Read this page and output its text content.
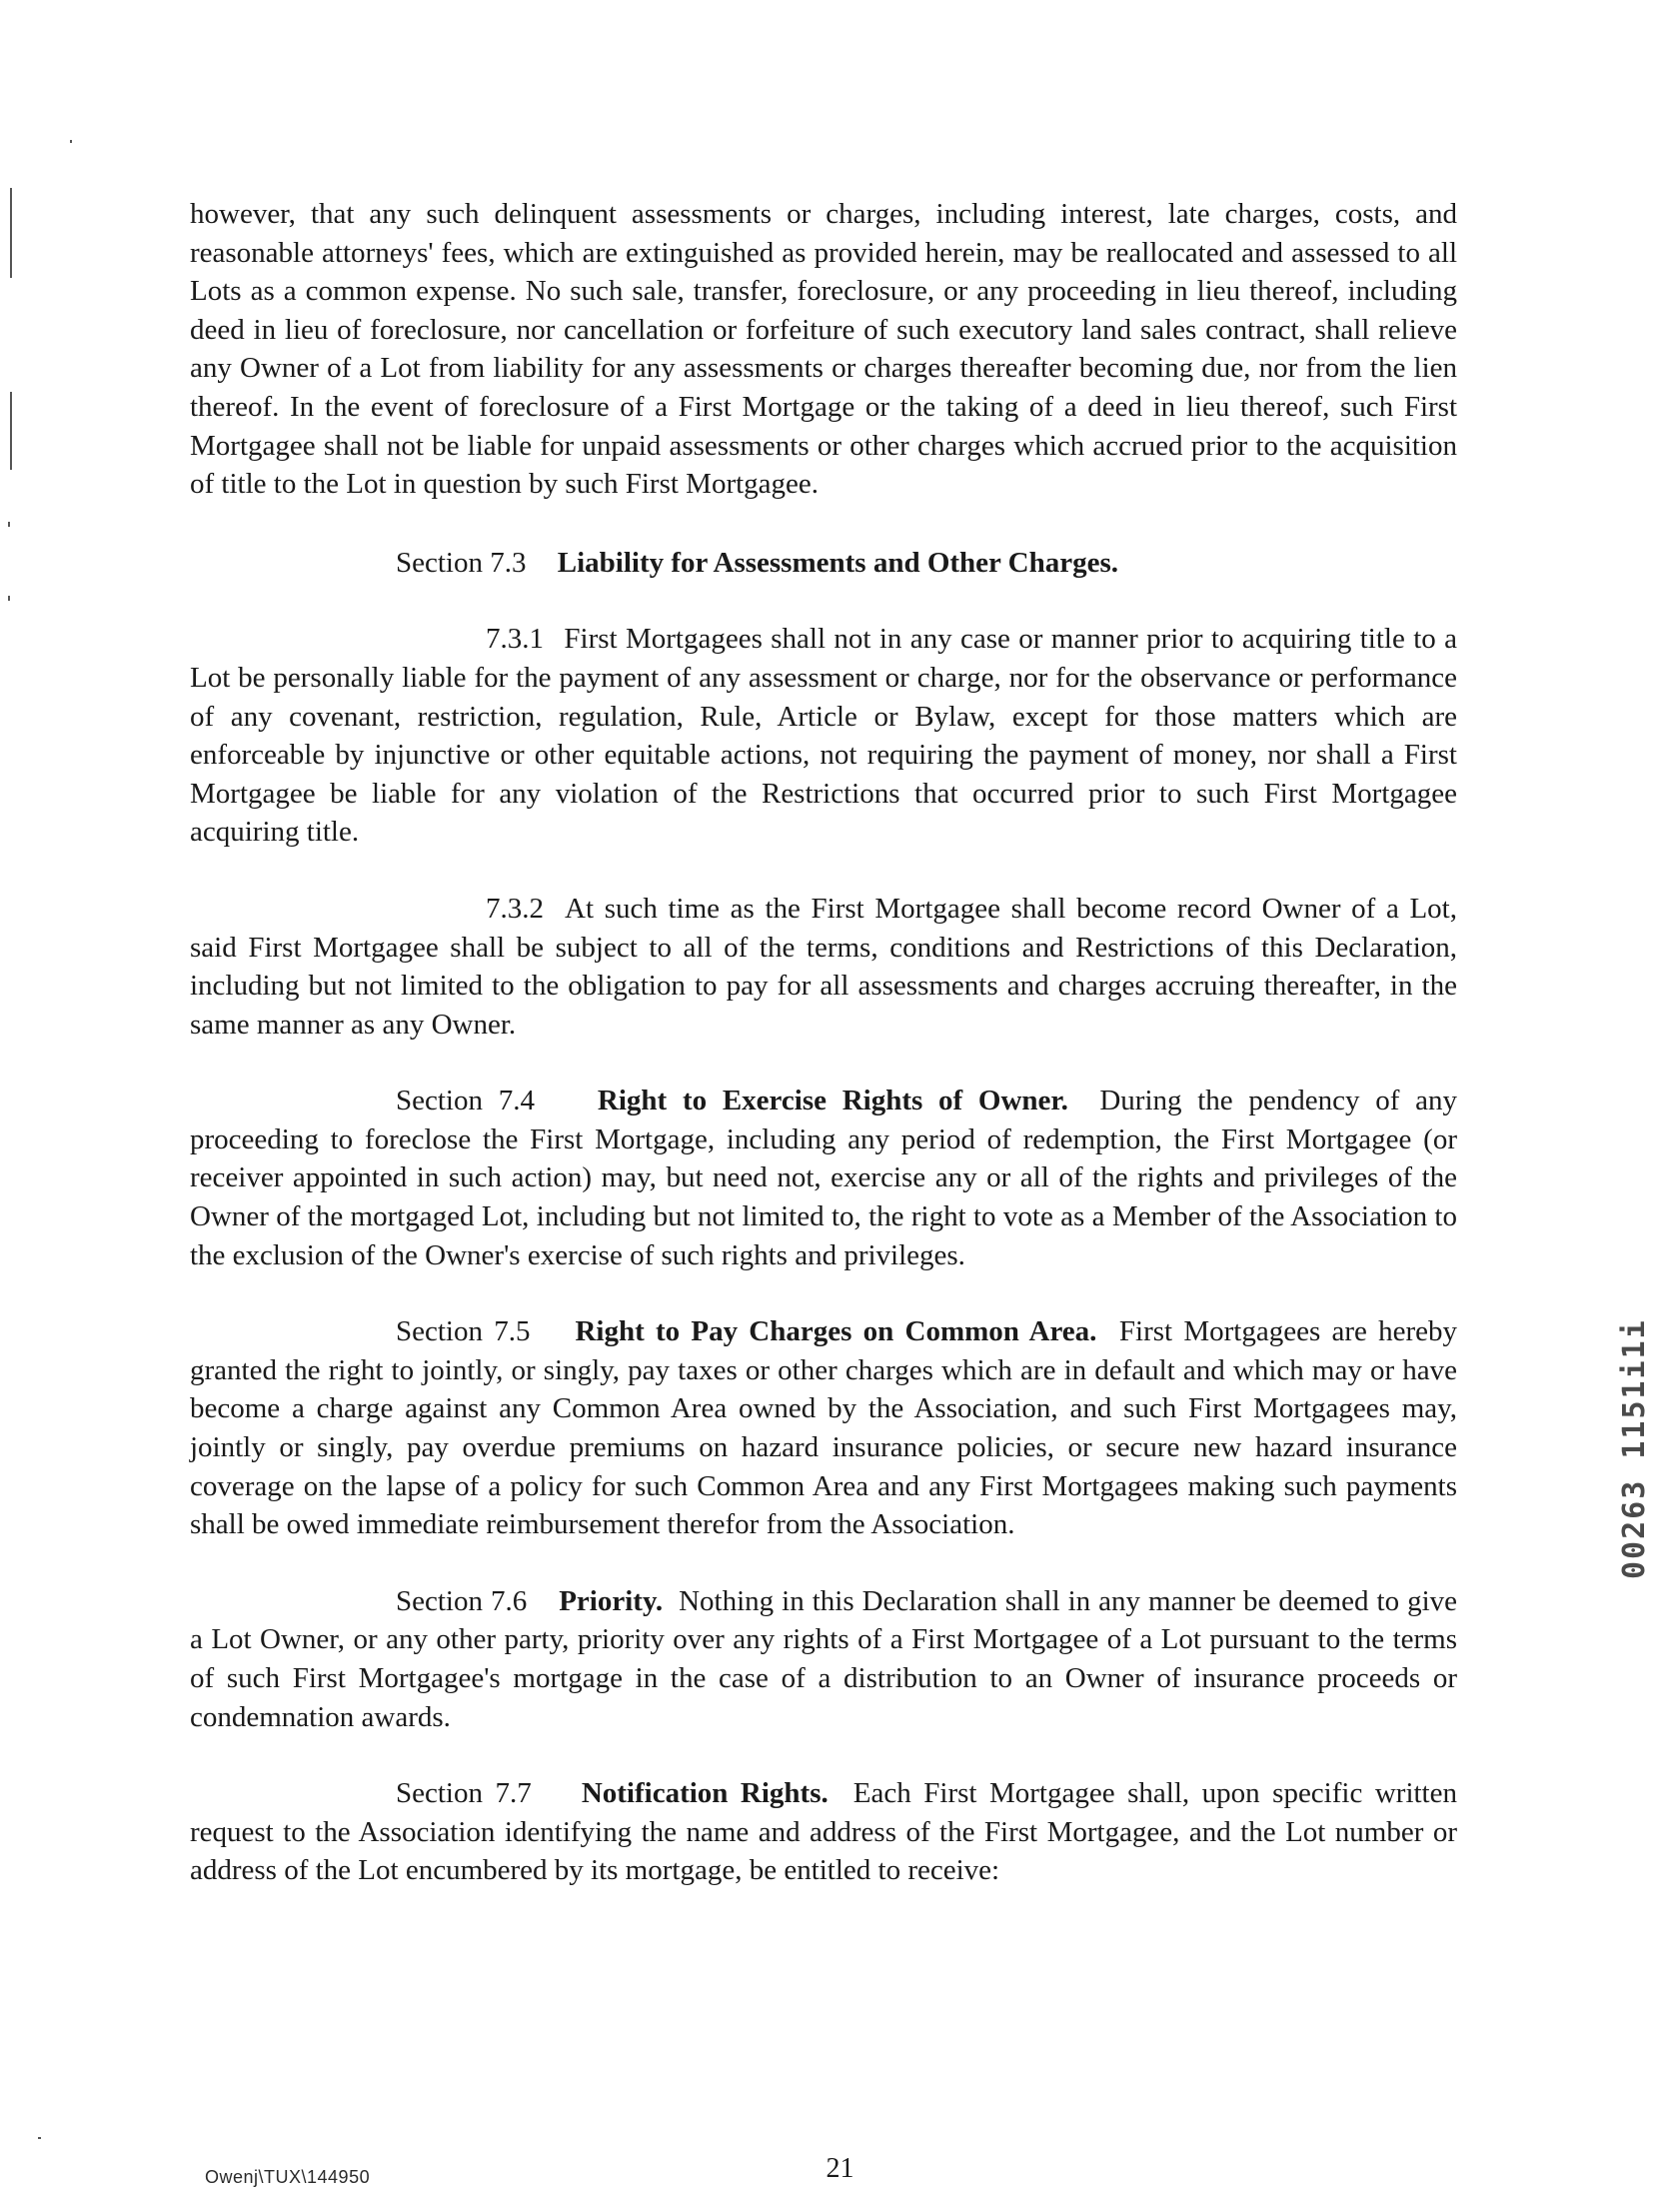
however, that any such delinquent assessments or charges, including interest, late charges, costs, and reasonable attorneys' fees, which are extinguished as provided herein, may be reallocated and assessed to all Lots as a common expense. No such sale, transfer, foreclosure, or any proceeding in lieu thereof, including deed in lieu of foreclosure, nor cancellation or forfeiture of such executory land sales contract, shall relieve any Owner of a Lot from liability for any assessments or charges thereafter becoming due, nor from the lien thereof. In the event of foreclosure of a First Mortgage or the taking of a deed in lieu thereof, such First Mortgagee shall not be liable for unpaid assessments or other charges which accrued prior to the acquisition of title to the Lot in question by such First Mortgagee.

Section 7.3 Liability for Assessments and Other Charges.

7.3.1 First Mortgagees shall not in any case or manner prior to acquiring title to a Lot be personally liable for the payment of any assessment or charge, nor for the observance or performance of any covenant, restriction, regulation, Rule, Article or Bylaw, except for those matters which are enforceable by injunctive or other equitable actions, not requiring the payment of money, nor shall a First Mortgagee be liable for any violation of the Restrictions that occurred prior to such First Mortgagee acquiring title.

7.3.2 At such time as the First Mortgagee shall become record Owner of a Lot, said First Mortgagee shall be subject to all of the terms, conditions and Restrictions of this Declaration, including but not limited to the obligation to pay for all assessments and charges accruing thereafter, in the same manner as any Owner.

Section 7.4 Right to Exercise Rights of Owner. During the pendency of any proceeding to foreclose the First Mortgage, including any period of redemption, the First Mortgagee (or receiver appointed in such action) may, but need not, exercise any or all of the rights and privileges of the Owner of the mortgaged Lot, including but not limited to, the right to vote as a Member of the Association to the exclusion of the Owner's exercise of such rights and privileges.

Section 7.5 Right to Pay Charges on Common Area. First Mortgagees are hereby granted the right to jointly, or singly, pay taxes or other charges which are in default and which may or have become a charge against any Common Area owned by the Association, and such First Mortgagees may, jointly or singly, pay overdue premiums on hazard insurance policies, or secure new hazard insurance coverage on the lapse of a policy for such Common Area and any First Mortgagees making such payments shall be owed immediate reimbursement therefor from the Association.

Section 7.6 Priority. Nothing in this Declaration shall in any manner be deemed to give a Lot Owner, or any other party, priority over any rights of a First Mortgagee of a Lot pursuant to the terms of such First Mortgagee's mortgage in the case of a distribution to an Owner of insurance proceeds or condemnation awards.

Section 7.7 Notification Rights. Each First Mortgagee shall, upon specific written request to the Association identifying the name and address of the First Mortgagee, and the Lot number or address of the Lot encumbered by its mortgage, be entitled to receive:

21
Owenj\TUX\144950
00263 1151i1i
